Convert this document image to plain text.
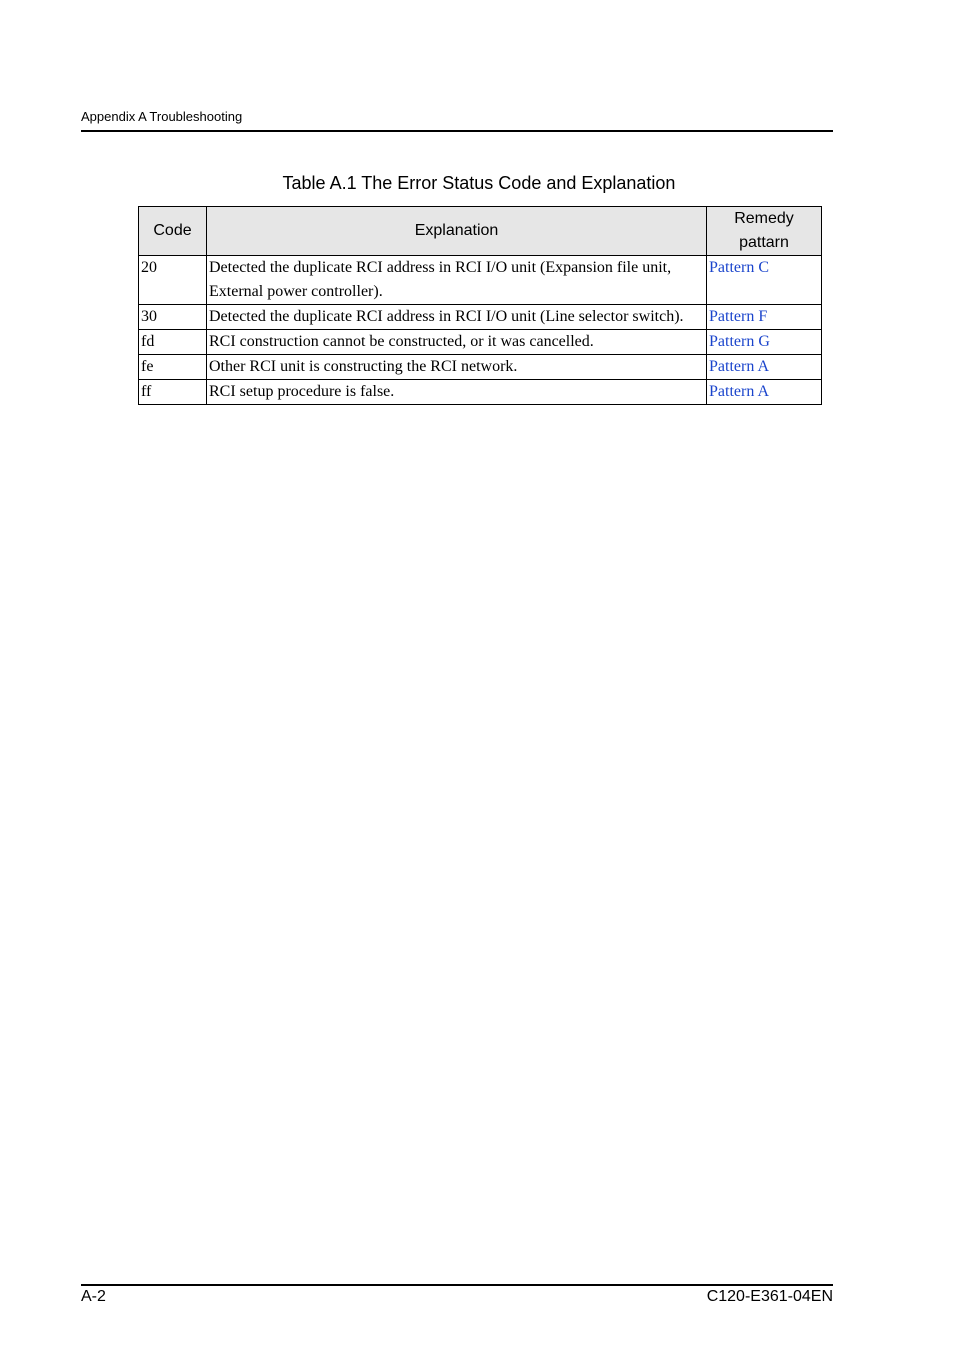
Appendix A Troubleshooting
Table A.1 The Error Status Code and Explanation
Code	Explanation	Remedy pattarn
20	Detected the duplicate RCI address in RCI I/O unit (Expansion file unit, External power controller).	Pattern C
30	Detected the duplicate RCI address in RCI I/O unit (Line selector switch).	Pattern F
fd	RCI construction cannot be constructed, or it was cancelled.	Pattern G
fe	Other RCI unit is constructing the RCI network.	Pattern A
ff	RCI setup procedure is false.	Pattern A
A-2	C120-E361-04EN
